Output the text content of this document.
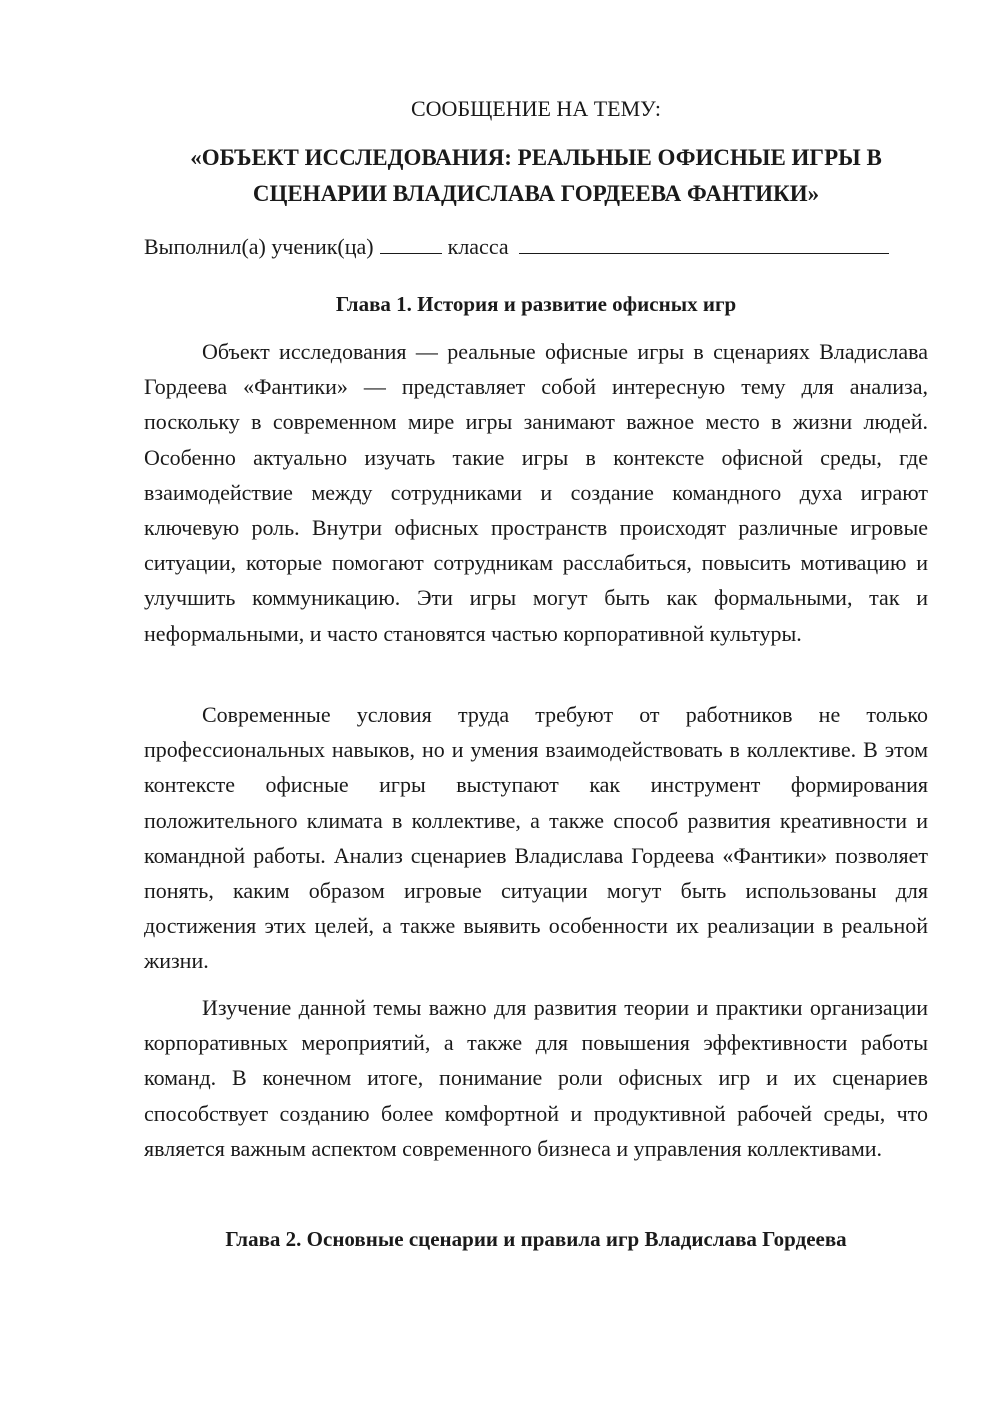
СООБЩЕНИЕ НА ТЕМУ:
«ОБЪЕКТ ИССЛЕДОВАНИЯ: РЕАЛЬНЫЕ ОФИСНЫЕ ИГРЫ В
СЦЕНАРИИ ВЛАДИСЛАВА ГОРДЕЕВА ФАНТИКИ»
Выполнил(а) ученик(ца)	класса
Глава 1. История и развитие офисных игр

Объект исследования — реальные офисные игры в сценариях Владислава Гордеева «Фантики» — представляет собой интересную тему для анализа, поскольку в современном мире игры занимают важное место в жизни людей. Особенно актуально изучать такие игры в контексте офисной среды, где взаимодействие между сотрудниками и создание командного духа играют ключевую роль. Внутри офисных пространств происходят различные игровые ситуации, которые помогают сотрудникам расслабиться, повысить мотивацию и улучшить коммуникацию. Эти игры могут быть как формальными, так и неформальными, и часто становятся частью корпоративной культуры.

Современные условия труда требуют от работников не только профессиональных навыков, но и умения взаимодействовать в коллективе. В этом контексте офисные игры выступают как инструмент формирования положительного климата в коллективе, а также способ развития креативности и командной работы. Анализ сценариев Владислава Гордеева «Фантики» позволяет понять, каким образом игровые ситуации могут быть использованы для достижения этих целей, а также выявить особенности их реализации в реальной жизни.

Изучение данной темы важно для развития теории и практики организации корпоративных мероприятий, а также для повышения эффективности работы команд. В конечном итоге, понимание роли офисных игр и их сценариев способствует созданию более комфортной и продуктивной рабочей среды, что является важным аспектом современного бизнеса и управления коллективами.

Глава 2. Основные сценарии и правила игр Владислава Гордеева
